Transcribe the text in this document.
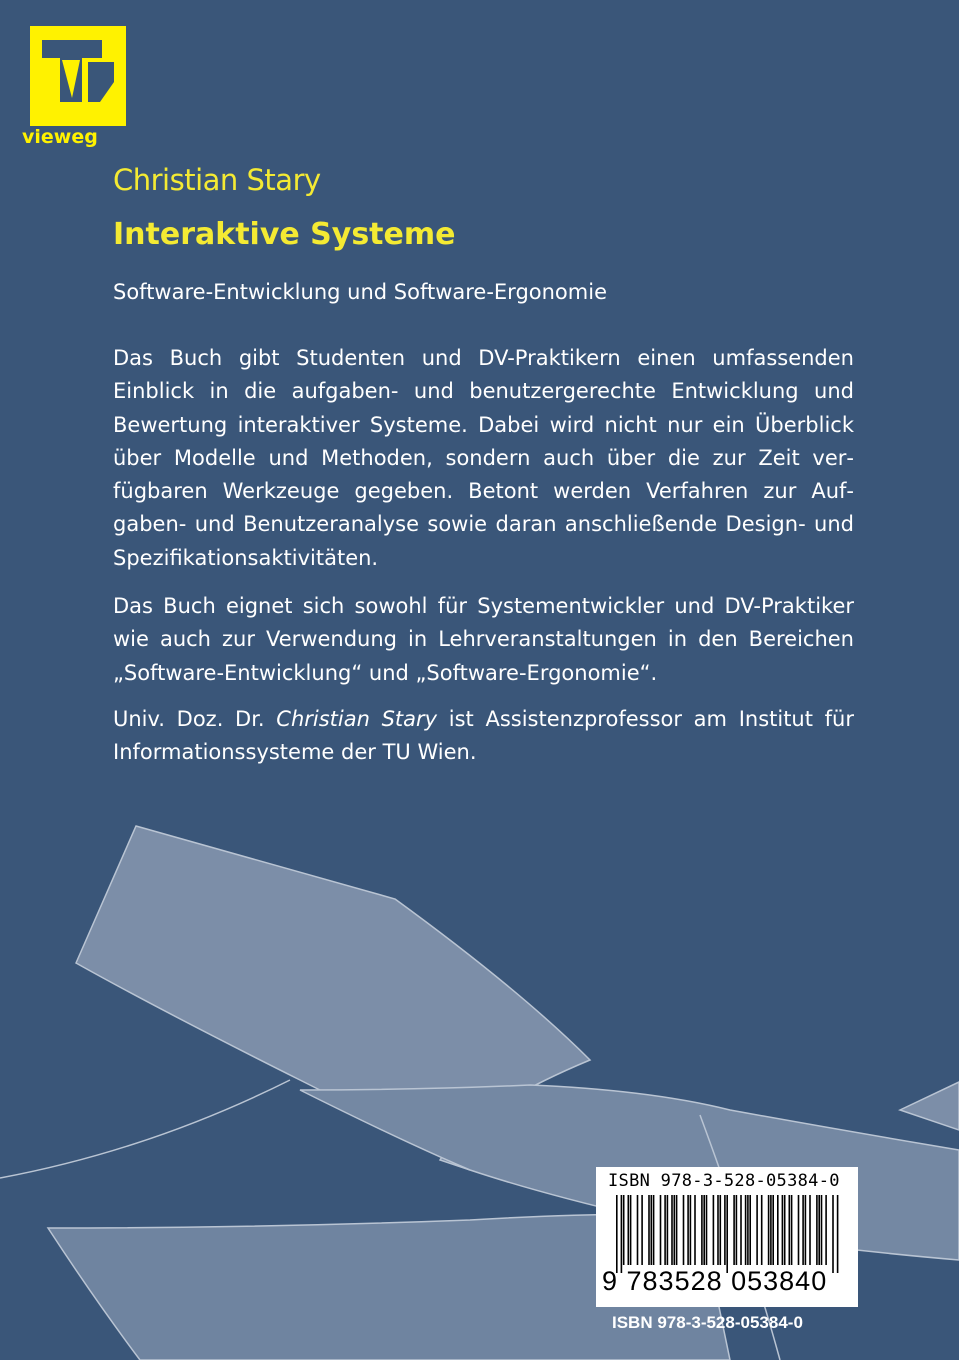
vieweg
Christian Stary
Interaktive Systeme
Software-Entwicklung und Software-Ergonomie

Das Buch gibt Studenten und DV-Praktikern einen umfassenden Einblick in die aufgaben- und benutzergerechte Entwicklung und Bewertung interaktiver Systeme. Dabei wird nicht nur ein Überblick über Modelle und Methoden, sondern auch über die zur Zeit verfügbaren Werkzeuge gegeben. Betont werden Verfahren zur Aufgaben- und Benutzeranalyse sowie daran anschließende Design- und Spezifikationsaktivitäten.

Das Buch eignet sich sowohl für Systementwickler und DV-Praktiker wie auch zur Verwendung in Lehrveranstaltungen in den Bereichen „Software-Entwicklung“ und „Software-Ergonomie“.

Univ. Doz. Dr. Christian Stary ist Assistenzprofessor am Institut für Informationssysteme der TU Wien.

ISBN 978-3-528-05384-0
9 783528 053840
ISBN 978-3-528-05384-0
